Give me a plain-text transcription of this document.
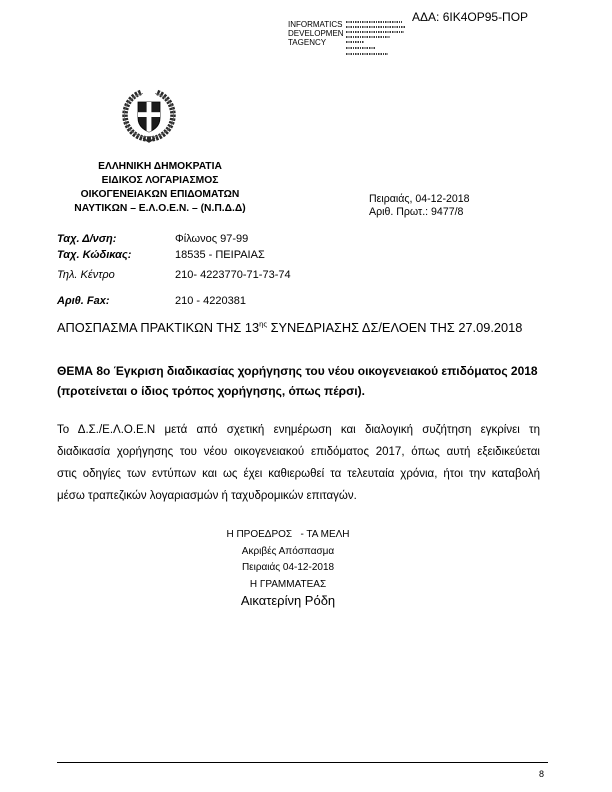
ΑΔΑ: 6ΙΚ4ΟΡ95-ΠΟΡ
INFORMATICS
DEVELOPMEN
TAGENCY
ΕΛΛΗΝΙΚΗ ΔΗΜΟΚΡΑΤΙΑ
ΕΙΔΙΚΟΣ ΛΟΓΑΡΙΑΣΜΟΣ
ΟΙΚΟΓΕΝΕΙΑΚΩΝ ΕΠΙΔΟΜΑΤΩΝ
ΝΑΥΤΙΚΩΝ – Ε.Λ.Ο.Ε.Ν. – (Ν.Π.Δ.Δ)
Πειραιάς, 04-12-2018
Αριθ. Πρωτ.: 9477/8
Ταχ. Δ/νση:	Φίλωνος 97-99
Ταχ. Κώδικας:	18535 - ΠΕΙΡΑΙΑΣ
Τηλ. Κέντρο	210- 4223770-71-73-74
Αριθ. Fax:	210 - 4220381
ΑΠΟΣΠΑΣΜΑ ΠΡΑΚΤΙΚΩΝ ΤΗΣ $13^{\eta\varsigma}$ ΣΥΝΕΔΡΙΑΣΗΣ ΔΣ/ΕΛΟΕΝ ΤΗΣ 27.09.2018
ΘΕΜΑ 8ο Έγκριση διαδικασίας χορήγησης του νέου οικογενειακού επιδόματος 2018
(προτείνεται ο ίδιος τρόπος χορήγησης, όπως πέρσι).
Το Δ.Σ./Ε.Λ.Ο.Ε.Ν μετά από σχετική ενημέρωση και διαλογική συζήτηση εγκρίνει τη
διαδικασία χορήγησης του νέου οικογενειακού επιδόματος 2017, όπως αυτή εξειδικεύεται
στις οδηγίες των εντύπων και ως έχει καθιερωθεί τα τελευταία χρόνια, ήτοι την καταβολή
μέσω τραπεζικών λογαριασμών ή ταχυδρομικών επιταγών.
Η ΠΡΟΕΔΡΟΣ   - ΤΑ ΜΕΛΗ
Ακριβές Απόσπασμα
Πειραιάς 04-12-2018
Η ΓΡΑΜΜΑΤΕΑΣ
Αικατερίνη Ρόδη
8
